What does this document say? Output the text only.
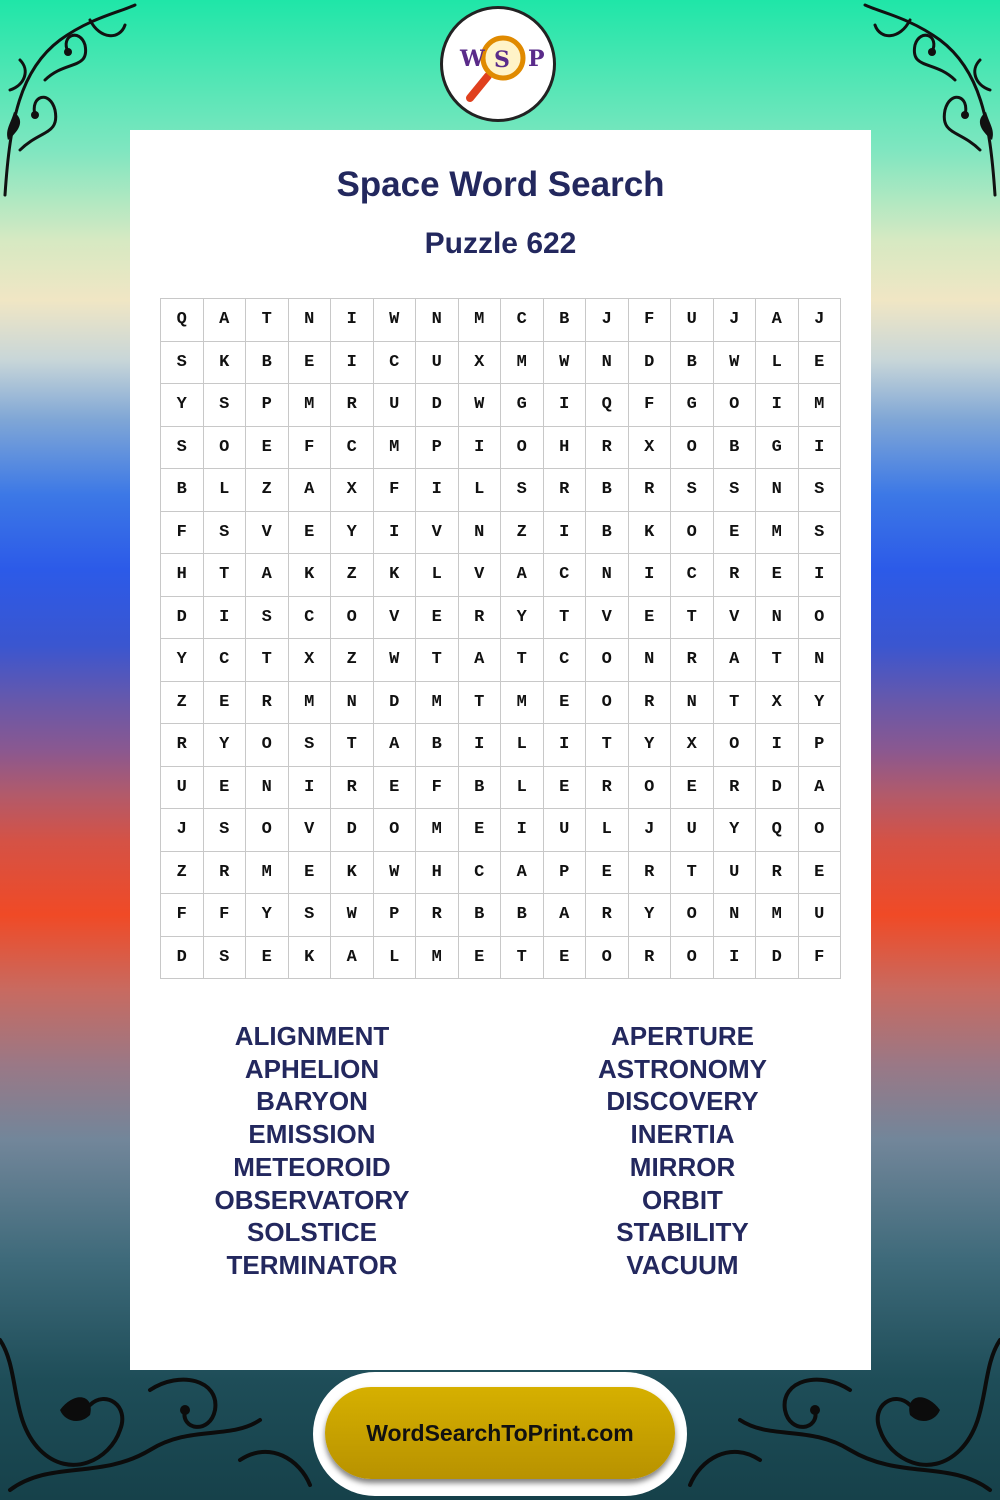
W S P
Space Word Search
Puzzle 622
Q	A	T	N	I	W	N	M	C	B	J	F	U	J	A	J
S	K	B	E	I	C	U	X	M	W	N	D	B	W	L	E
Y	S	P	M	R	U	D	W	G	I	Q	F	G	O	I	M
S	O	E	F	C	M	P	I	O	H	R	X	O	B	G	I
B	L	Z	A	X	F	I	L	S	R	B	R	S	S	N	S
F	S	V	E	Y	I	V	N	Z	I	B	K	O	E	M	S
H	T	A	K	Z	K	L	V	A	C	N	I	C	R	E	I
D	I	S	C	O	V	E	R	Y	T	V	E	T	V	N	O
Y	C	T	X	Z	W	T	A	T	C	O	N	R	A	T	N
Z	E	R	M	N	D	M	T	M	E	O	R	N	T	X	Y
R	Y	O	S	T	A	B	I	L	I	T	Y	X	O	I	P
U	E	N	I	R	E	F	B	L	E	R	O	E	R	D	A
J	S	O	V	D	O	M	E	I	U	L	J	U	Y	Q	O
Z	R	M	E	K	W	H	C	A	P	E	R	T	U	R	E
F	F	Y	S	W	P	R	B	B	A	R	Y	O	N	M	U
D	S	E	K	A	L	M	E	T	E	O	R	O	I	D	F
ALIGNMENT
APHELION
BARYON
EMISSION
METEOROID
OBSERVATORY
SOLSTICE
TERMINATOR
APERTURE
ASTRONOMY
DISCOVERY
INERTIA
MIRROR
ORBIT
STABILITY
VACUUM
WordSearchToPrint.com
